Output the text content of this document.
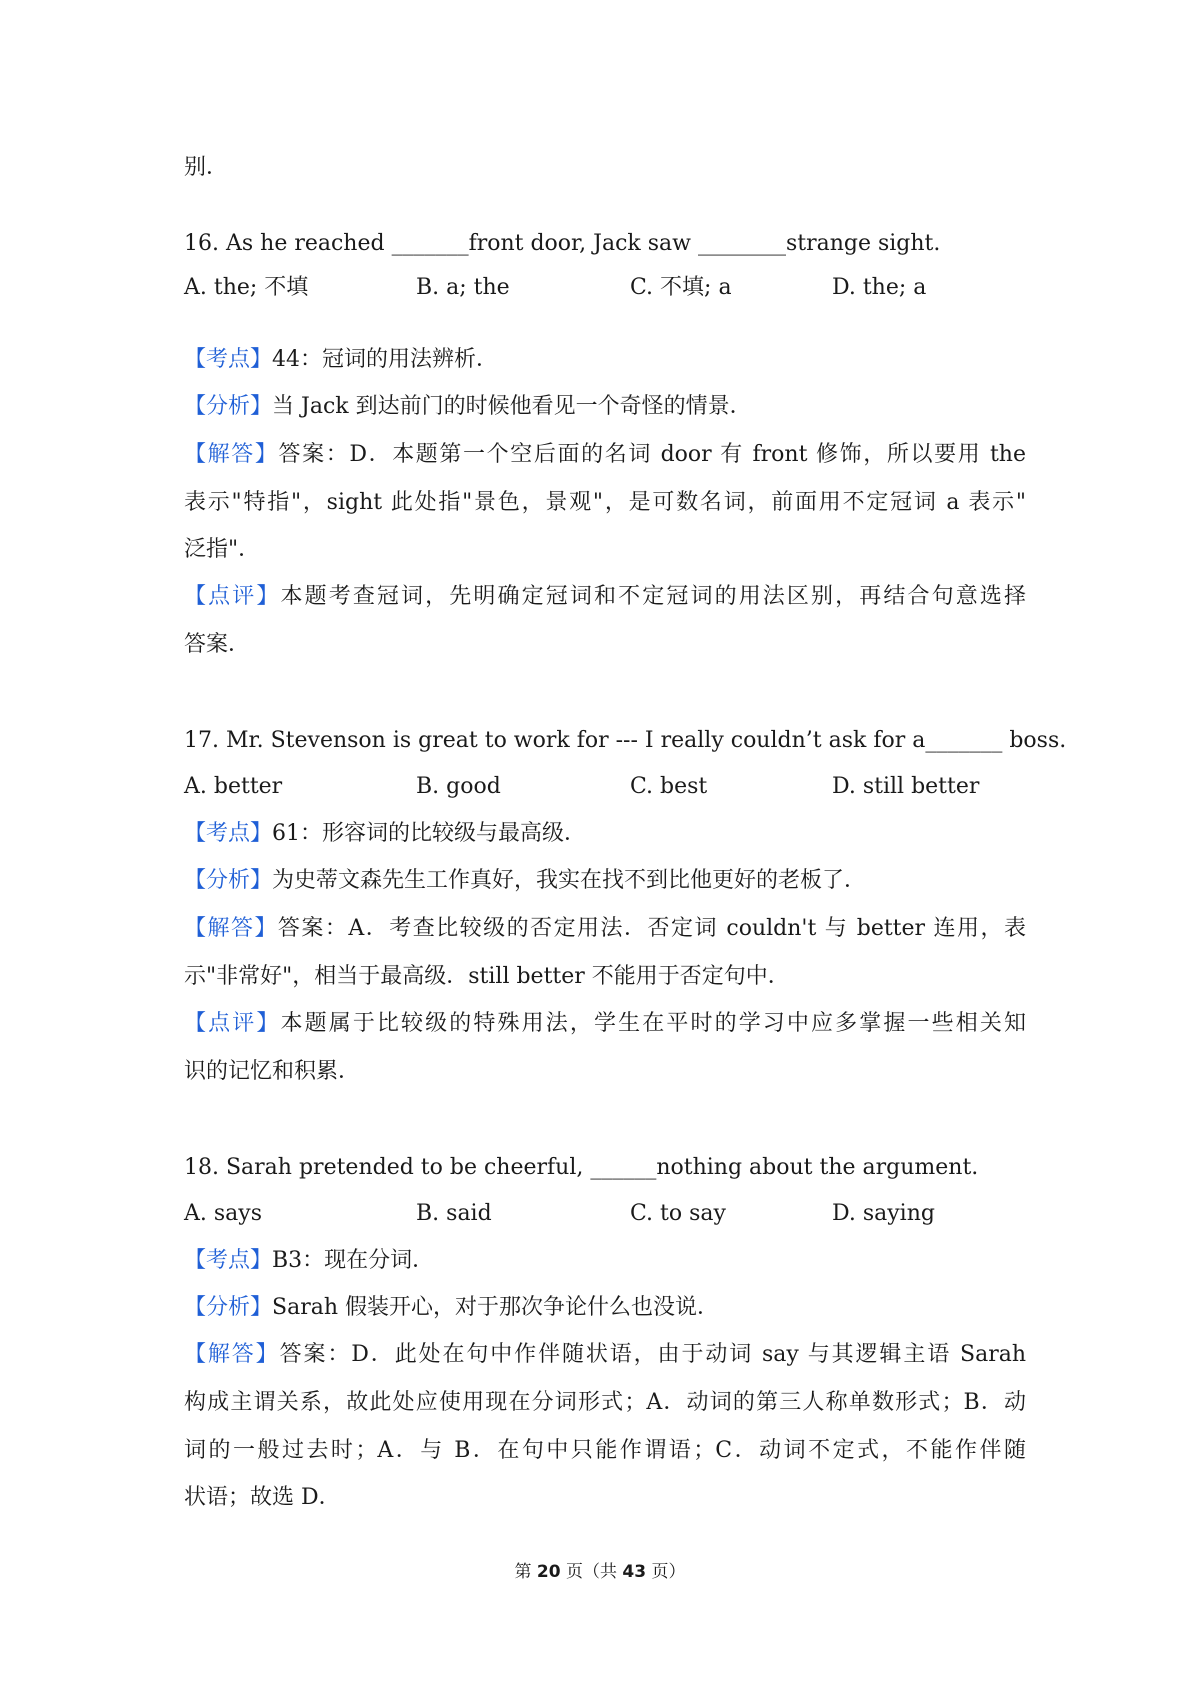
别．
16. As he reached _______front door, Jack saw ________strange sight.
A. the; 不填	B. a; the	C. 不填; a	D. the; a
【考点】44：冠词的用法辨析．
【分析】当 Jack 到达前门的时候他看见一个奇怪的情景．
【解答】答案：D．本题第一个空后面的名词 door 有 front 修饰，所以要用 the
表示"特指"，sight 此处指"景色，景观"，是可数名词，前面用不定冠词 a 表示"
泛指"．
【点评】本题考查冠词，先明确定冠词和不定冠词的用法区别，再结合句意选择
答案．
17. Mr. Stevenson is great to work for --- I really couldn’t ask for a_______ boss.
A. better	B. good	C. best	D. still better
【考点】61：形容词的比较级与最高级．
【分析】为史蒂文森先生工作真好，我实在找不到比他更好的老板了．
【解答】答案：A．考查比较级的否定用法．否定词 couldn't 与 better 连用，表
示"非常好"，相当于最高级．still better 不能用于否定句中．
【点评】本题属于比较级的特殊用法，学生在平时的学习中应多掌握一些相关知
识的记忆和积累．
18. Sarah pretended to be cheerful, ______nothing about the argument.
A. says	B. said	C. to say	D. saying
【考点】B3：现在分词．
【分析】Sarah 假装开心，对于那次争论什么也没说．
【解答】答案：D．此处在句中作伴随状语，由于动词 say 与其逻辑主语 Sarah
构成主谓关系，故此处应使用现在分词形式；A．动词的第三人称单数形式；B．动
词的一般过去时；A．与 B．在句中只能作谓语；C．动词不定式，不能作伴随
状语；故选 D．
第 20 页（共 43 页）
